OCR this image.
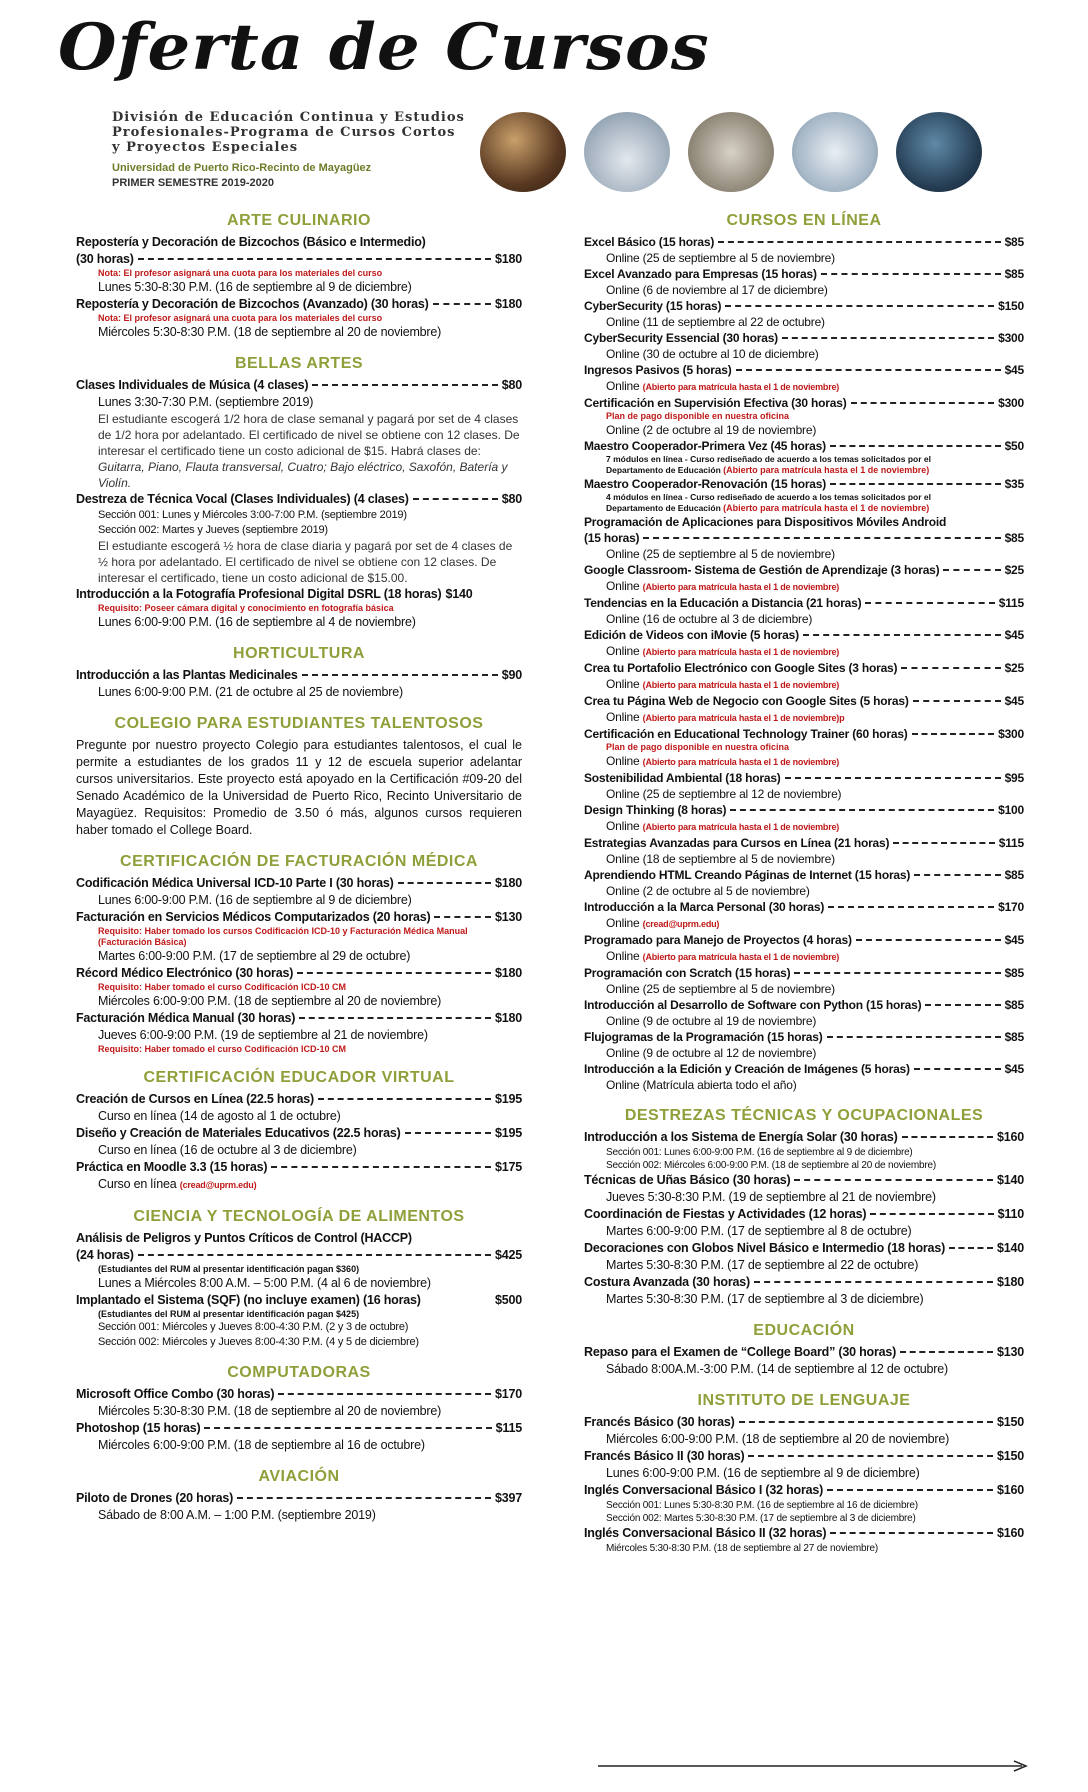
Oferta de Cursos
División de Educación Continua y Estudios
Profesionales-Programa de Cursos Cortos
y Proyectos Especiales
Universidad de Puerto Rico-Recinto de Mayagüez
PRIMER SEMESTRE 2019-2020
ARTE CULINARIO
Repostería y Decoración de Bizcochos (Básico e Intermedio)
(30 horas)	$180
Nota: El profesor asignará una cuota para los materiales del curso
Lunes 5:30-8:30 P.M. (16 de septiembre al 9 de diciembre)
Repostería y Decoración de Bizcochos (Avanzado) (30 horas)	$180
Nota: El profesor asignará una cuota para los materiales del curso
Miércoles 5:30-8:30 P.M. (18 de septiembre al 20 de noviembre)
BELLAS ARTES
Clases Individuales de Música (4 clases)	$80
Lunes 3:30-7:30 P.M. (septiembre 2019)
El estudiante escogerá 1/2 hora de clase semanal y pagará por set de 4 clases de 1/2 hora por adelantado. El certificado de nivel se obtiene con 12 clases. De interesar el certificado tiene un costo adicional de $15. Habrá clases de:
Guitarra, Piano, Flauta transversal, Cuatro; Bajo eléctrico, Saxofón, Batería y Violín.
Destreza de Técnica Vocal (Clases Individuales) (4 clases)	$80
Sección 001: Lunes y Miércoles 3:00-7:00 P.M. (septiembre 2019)
Sección 002: Martes y Jueves (septiembre 2019)
El estudiante escogerá ½ hora de clase diaria y pagará por set de 4 clases de ½ hora por adelantado. El certificado de nivel se obtiene con 12 clases. De interesar el certificado, tiene un costo adicional de $15.00.
Introducción a la Fotografía Profesional Digital DSRL (18 horas) $140
Requisito: Poseer cámara digital y conocimiento en fotografía básica
Lunes 6:00-9:00 P.M. (16 de septiembre al 4 de noviembre)
HORTICULTURA
Introducción a las Plantas Medicinales	$90
Lunes 6:00-9:00 P.M. (21 de octubre al 25 de noviembre)
COLEGIO PARA ESTUDIANTES TALENTOSOS
Pregunte por nuestro proyecto Colegio para estudiantes talentosos, el cual le permite a estudiantes de los grados 11 y 12 de escuela superior adelantar cursos universitarios. Este proyecto está apoyado en la Certificación #09-20 del Senado Académico de la Universidad de Puerto Rico, Recinto Universitario de Mayagüez. Requisitos: Promedio de 3.50 ó más, algunos cursos requieren haber tomado el College Board.
CERTIFICACIÓN DE FACTURACIÓN MÉDICA
Codificación Médica Universal ICD-10 Parte I (30 horas)	$180
Lunes 6:00-9:00 P.M. (16 de septiembre al 9 de diciembre)
Facturación en Servicios Médicos Computarizados (20 horas)	$130
Requisito: Haber tomado los cursos Codificación ICD-10 y Facturación Médica Manual (Facturación Básica)
Martes 6:00-9:00 P.M. (17 de septiembre al 29 de octubre)
Récord Médico Electrónico (30 horas)	$180
Requisito: Haber tomado el curso Codificación ICD-10 CM
Miércoles 6:00-9:00 P.M. (18 de septiembre al 20 de noviembre)
Facturación Médica Manual (30 horas)	$180
Jueves 6:00-9:00 P.M. (19 de septiembre al 21 de noviembre)
Requisito: Haber tomado el curso Codificación ICD-10 CM
CERTIFICACIÓN EDUCADOR VIRTUAL
Creación de Cursos en Línea (22.5 horas)	$195
Curso en línea (14 de agosto al 1 de octubre)
Diseño y Creación de Materiales Educativos (22.5 horas)	$195
Curso en línea (16 de octubre al 3 de diciembre)
Práctica en Moodle 3.3 (15 horas)	$175
Curso en línea (cread@uprm.edu)
CIENCIA Y TECNOLOGÍA DE ALIMENTOS
Análisis de Peligros y Puntos Críticos de Control (HACCP)
(24 horas)	$425
(Estudiantes del RUM al presentar identificación pagan $360)
Lunes a Miércoles 8:00 A.M. – 5:00 P.M. (4 al 6 de noviembre)
Implantado el Sistema (SQF) (no incluye examen) (16 horas)	$500
(Estudiantes del RUM al presentar identificación pagan $425)
Sección 001: Miércoles y Jueves 8:00-4:30 P.M. (2 y 3 de octubre)
Sección 002: Miércoles y Jueves 8:00-4:30 P.M. (4 y 5 de diciembre)
COMPUTADORAS
Microsoft Office Combo (30 horas)	$170
Miércoles 5:30-8:30 P.M. (18 de septiembre al 20 de noviembre)
Photoshop (15 horas)	$115
Miércoles 6:00-9:00 P.M. (18 de septiembre al 16 de octubre)
AVIACIÓN
Piloto de Drones (20 horas)	$397
Sábado de 8:00 A.M. – 1:00 P.M. (septiembre 2019)
CURSOS EN LÍNEA
Excel Básico (15 horas)	$85
Online (25 de septiembre al 5 de noviembre)
Excel Avanzado para Empresas (15 horas)	$85
Online (6 de noviembre al 17 de diciembre)
CyberSecurity (15 horas)	$150
Online (11 de septiembre al 22 de octubre)
CyberSecurity Essencial (30 horas)	$300
Online (30 de octubre al 10 de diciembre)
Ingresos Pasivos (5 horas)	$45
Online (Abierto para matrícula hasta el 1 de noviembre)
Certificación en Supervisión Efectiva (30 horas)	$300
Plan de pago disponible en nuestra oficina
Online (2 de octubre al 19 de noviembre)
Maestro Cooperador-Primera Vez (45 horas)	$50
7 módulos en línea - Curso rediseñado de acuerdo a los temas solicitados por el
Departamento de Educación (Abierto para matrícula hasta el 1 de noviembre)
Maestro Cooperador-Renovación (15 horas)	$35
4 módulos en línea - Curso rediseñado de acuerdo a los temas solicitados por el
Departamento de Educación (Abierto para matrícula hasta el 1 de noviembre)
Programación de Aplicaciones para Dispositivos Móviles Android
(15 horas)	$85
Online (25 de septiembre al 5 de noviembre)
Google Classroom- Sistema de Gestión de Aprendizaje (3 horas)	$25
Online (Abierto para matrícula hasta el 1 de noviembre)
Tendencias en la Educación a Distancia (21 horas)	$115
Online (16 de octubre al 3 de diciembre)
Edición de Videos con iMovie (5 horas)	$45
Online (Abierto para matrícula hasta el 1 de noviembre)
Crea tu Portafolio Electrónico con Google Sites (3 horas)	$25
Online (Abierto para matrícula hasta el 1 de noviembre)
Crea tu Página Web de Negocio con Google Sites (5 horas)	$45
Online (Abierto para matrícula hasta el 1 de noviembre)p
Certificación en Educational Technology Trainer (60 horas)	$300
Plan de pago disponible en nuestra oficina
Online (Abierto para matrícula hasta el 1 de noviembre)
Sostenibilidad Ambiental (18 horas)	$95
Online (25 de septiembre al 12 de noviembre)
Design Thinking (8 horas)	$100
Online (Abierto para matrícula hasta el 1 de noviembre)
Estrategias Avanzadas para Cursos en Línea (21 horas)	$115
Online (18 de septiembre al 5 de noviembre)
Aprendiendo HTML Creando Páginas de Internet (15 horas)	$85
Online (2 de octubre al 5 de noviembre)
Introducción a la Marca Personal (30 horas)	$170
Online (cread@uprm.edu)
Programado para Manejo de Proyectos (4 horas)	$45
Online (Abierto para matrícula hasta el 1 de noviembre)
Programación con Scratch (15 horas)	$85
Online (25 de septiembre al 5 de noviembre)
Introducción al Desarrollo de Software con Python (15 horas)	$85
Online (9 de octubre al 19 de noviembre)
Flujogramas de la Programación (15 horas)	$85
Online (9 de octubre al 12 de noviembre)
Introducción a la Edición y Creación de Imágenes (5 horas)	$45
Online (Matrícula abierta todo el año)
DESTREZAS TÉCNICAS Y OCUPACIONALES
Introducción a los Sistema de Energía Solar (30 horas)	$160
Sección 001: Lunes 6:00-9:00 P.M. (16 de septiembre al 9 de diciembre)
Sección 002: Miércoles 6:00-9:00 P.M. (18 de septiembre al 20 de noviembre)
Técnicas de Uñas Básico (30 horas)	$140
Jueves 5:30-8:30 P.M. (19 de septiembre al 21 de noviembre)
Coordinación de Fiestas y Actividades (12 horas)	$110
Martes 6:00-9:00 P.M. (17 de septiembre al 8 de octubre)
Decoraciones con Globos Nivel Básico e Intermedio (18 horas)	$140
Martes 5:30-8:30 P.M. (17 de septiembre al 22 de octubre)
Costura Avanzada (30 horas)	$180
Martes 5:30-8:30 P.M. (17 de septiembre al 3 de diciembre)
EDUCACIÓN
Repaso para el Examen de “College Board” (30 horas)	$130
Sábado 8:00A.M.-3:00 P.M. (14 de septiembre al 12 de octubre)
INSTITUTO DE LENGUAJE
Francés Básico (30 horas)	$150
Miércoles 6:00-9:00 P.M. (18 de septiembre al 20 de noviembre)
Francés Básico II (30 horas)	$150
Lunes 6:00-9:00 P.M. (16 de septiembre al 9 de diciembre)
Inglés Conversacional Básico I (32 horas)	$160
Sección 001: Lunes 5:30-8:30 P.M. (16 de septiembre al 16 de diciembre)
Sección 002: Martes 5:30-8:30 P.M. (17 de septiembre al 3 de diciembre)
Inglés Conversacional Básico II (32 horas)	$160
Miércoles 5:30-8:30 P.M. (18 de septiembre al 27 de noviembre)
